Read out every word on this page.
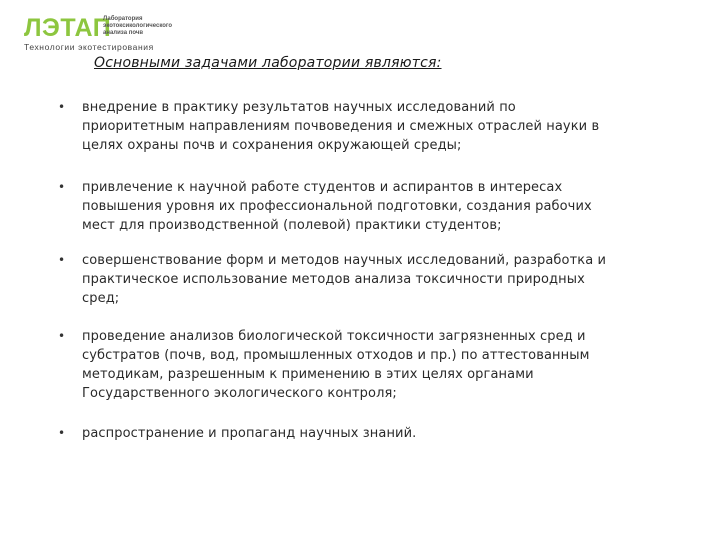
ЛЭТАП
Лаборатория
экотоксикологического
анализа почв
Технологии экотестирования
Основными задачами лаборатории являются:
• внедрение в практику результатов научных исследований по приоритетным направлениям почвоведения и смежных отраслей науки в целях охраны почв и сохранения окружающей среды;
• привлечение к научной работе студентов и аспирантов в интересах повышения уровня их профессиональной подготовки, создания рабочих мест для производственной (полевой) практики студентов;
• совершенствование форм и методов научных исследований, разработка и практическое использование методов анализа токсичности природных сред;
• проведение анализов биологической токсичности загрязненных сред и субстратов (почв, вод, промышленных отходов и пр.) по аттестованным методикам, разрешенным к применению в этих целях органами Государственного экологического контроля;
• распространение и пропаганд научных знаний.
